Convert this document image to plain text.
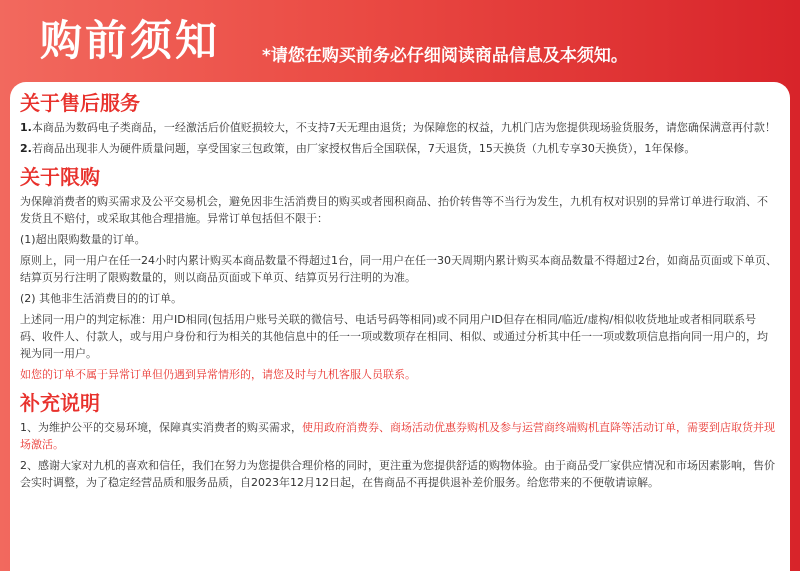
购前须知 *请您在购买前务必仔细阅读商品信息及本须知。
关于售后服务

1.本商品为数码电子类商品，一经激活后价值贬损较大，不支持7天无理由退货；为保障您的权益，九机门店为您提供现场验货服务，请您确保满意再付款！

2.若商品出现非人为硬件质量问题，享受国家三包政策，由厂家授权售后全国联保，7天退货，15天换货（九机专享30天换货），1年保修。

关于限购

为保障消费者的购买需求及公平交易机会，避免因非生活消费目的购买或者囤积商品、抬价转售等不当行为发生，九机有权对识别的异常订单进行取消、不发货且不赔付，或采取其他合理措施。异常订单包括但不限于：

(1)超出限购数量的订单。

原则上，同一用户在任一24小时内累计购买本商品数量不得超过1台，同一用户在任一30天周期内累计购买本商品数量不得超过2台，如商品页面或下单页、结算页另行注明了限购数量的，则以商品页面或下单页、结算页另行注明的为准。

(2) 其他非生活消费目的的订单。

上述同一用户的判定标准：用户ID相同(包括用户账号关联的微信号、电话号码等相同)或不同用户ID但存在相同/临近/虚构/相似收货地址或者相同联系号码、收件人、付款人，或与用户身份和行为相关的其他信息中的任一一项或数项存在相同、相似、或通过分析其中任一一项或数项信息指向同一用户的，均视为同一用户。

如您的订单不属于异常订单但仍遇到异常情形的，请您及时与九机客服人员联系。

补充说明

1、为维护公平的交易环境，保障真实消费者的购买需求，使用政府消费券、商场活动优惠券购机及参与运营商终端购机直降等活动订单，需要到店取货并现场激活。

2、感谢大家对九机的喜欢和信任，我们在努力为您提供合理价格的同时，更注重为您提供舒适的购物体验。由于商品受厂家供应情况和市场因素影响，售价会实时调整，为了稳定经营品质和服务品质，自2023年12月12日起，在售商品不再提供退补差价服务。给您带来的不便敬请谅解。
